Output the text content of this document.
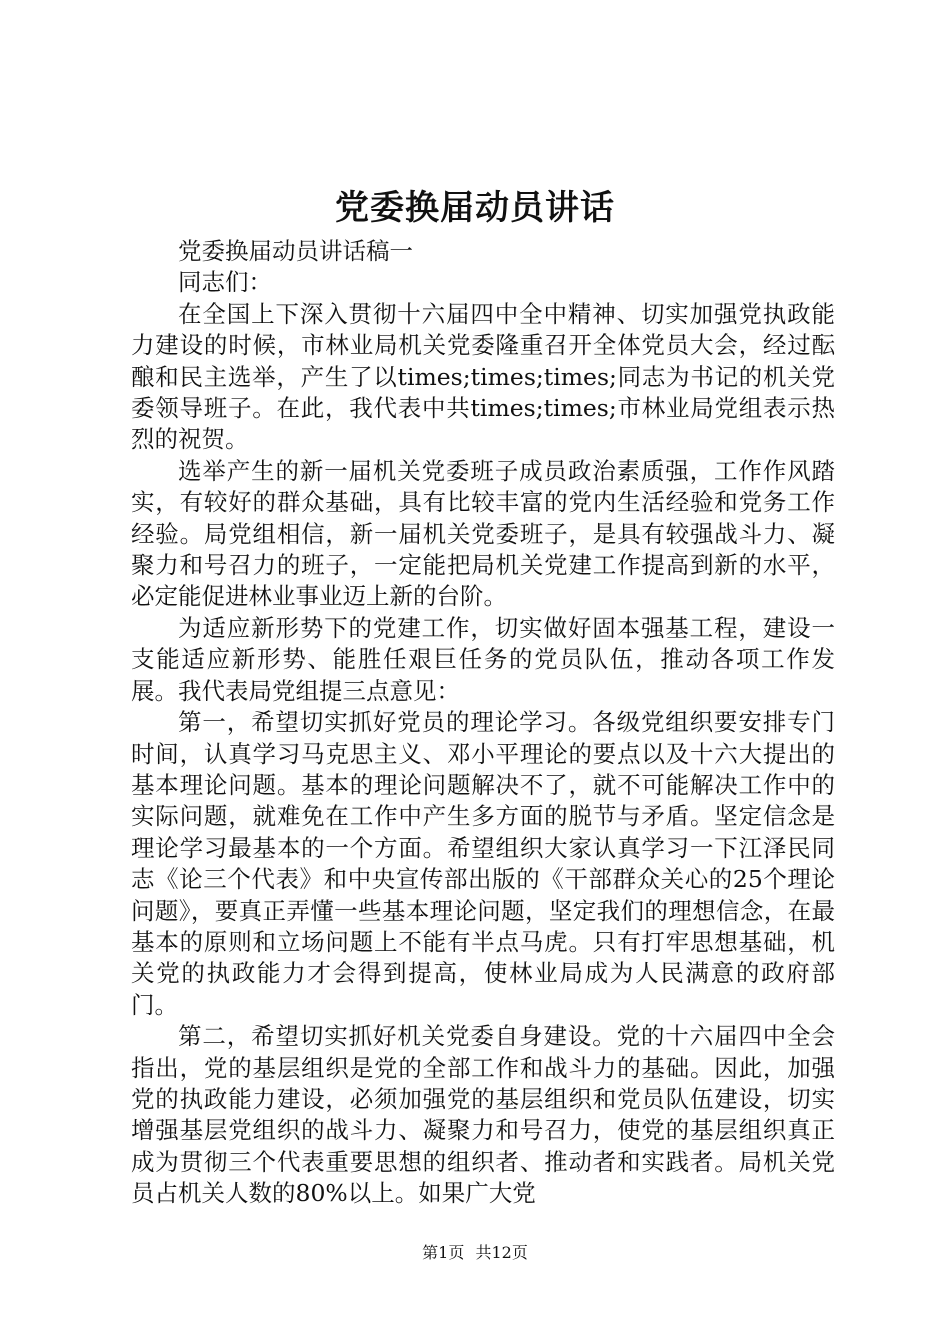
党委换届动员讲话

党委换届动员讲话稿一

同志们：

在全国上下深入贯彻十六届四中全中精神、切实加强党执政能力建设的时候，市林业局机关党委隆重召开全体党员大会，经过酝酿和民主选举，产生了以times;times;times;同志为书记的机关党委领导班子。在此，我代表中共times;times;市林业局党组表示热烈的祝贺。

选举产生的新一届机关党委班子成员政治素质强，工作作风踏实，有较好的群众基础，具有比较丰富的党内生活经验和党务工作经验。局党组相信，新一届机关党委班子，是具有较强战斗力、凝聚力和号召力的班子，一定能把局机关党建工作提高到新的水平，必定能促进林业事业迈上新的台阶。

为适应新形势下的党建工作，切实做好固本强基工程，建设一支能适应新形势、能胜任艰巨任务的党员队伍，推动各项工作发展。我代表局党组提三点意见：

第一，希望切实抓好党员的理论学习。各级党组织要安排专门时间，认真学习马克思主义、邓小平理论的要点以及十六大提出的基本理论问题。基本的理论问题解决不了，就不可能解决工作中的实际问题，就难免在工作中产生多方面的脱节与矛盾。坚定信念是理论学习最基本的一个方面。希望组织大家认真学习一下江泽民同志《论三个代表》和中央宣传部出版的《干部群众关心的25个理论问题》，要真正弄懂一些基本理论问题，坚定我们的理想信念，在最基本的原则和立场问题上不能有半点马虎。只有打牢思想基础，机关党的执政能力才会得到提高，使林业局成为人民满意的政府部门。

第二，希望切实抓好机关党委自身建设。党的十六届四中全会指出，党的基层组织是党的全部工作和战斗力的基础。因此，加强党的执政能力建设，必须加强党的基层组织和党员队伍建设，切实增强基层党组织的战斗力、凝聚力和号召力，使党的基层组织真正成为贯彻三个代表重要思想的组织者、推动者和实践者。局机关党员占机关人数的80%以上。如果广大党

第1页 共12页
